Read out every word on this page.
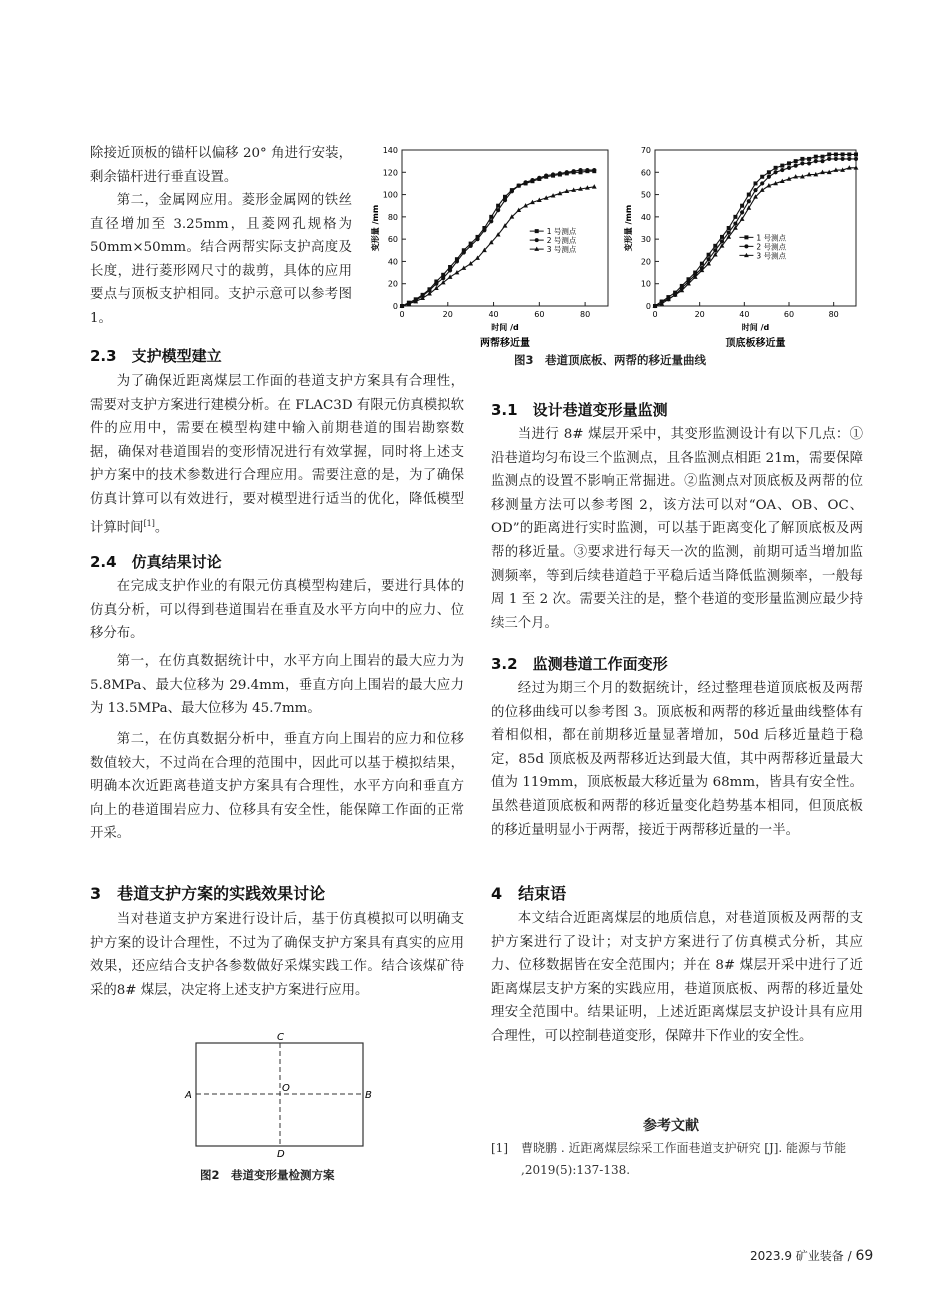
除接近顶板的锚杆以偏移 20° 角进行安装，剩余锚杆进行垂直设置。

第二，金属网应用。菱形金属网的铁丝直径增加至 3.25mm，且菱网孔规格为 50mm×50mm。结合两帮实际支护高度及长度，进行菱形网尺寸的裁剪，具体的应用要点与顶板支护相同。支护示意可以参考图 1。

2.3　支护模型建立

为了确保近距离煤层工作面的巷道支护方案具有合理性，需要对支护方案进行建模分析。在 FLAC3D 有限元仿真模拟软件的应用中，需要在模型构建中输入前期巷道的围岩勘察数据，确保对巷道围岩的变形情况进行有效掌握，同时将上述支护方案中的技术参数进行合理应用。需要注意的是，为了确保仿真计算可以有效进行，要对模型进行适当的优化，降低模型计算时间[1]。

2.4　仿真结果讨论

在完成支护作业的有限元仿真模型构建后，要进行具体的仿真分析，可以得到巷道围岩在垂直及水平方向中的应力、位移分布。

第一，在仿真数据统计中，水平方向上围岩的最大应力为 5.8MPa、最大位移为 29.4mm，垂直方向上围岩的最大应力为 13.5MPa、最大位移为 45.7mm。

第二，在仿真数据分析中，垂直方向上围岩的应力和位移数值较大，不过尚在合理的范围中，因此可以基于模拟结果，明确本次近距离巷道支护方案具有合理性，水平方向和垂直方向上的巷道围岩应力、位移具有安全性，能保障工作面的正常开采。

3　巷道支护方案的实践效果讨论

当对巷道支护方案进行设计后，基于仿真模拟可以明确支护方案的设计合理性，不过为了确保支护方案具有真实的应用效果，还应结合支护各参数做好采煤实践工作。结合该煤矿待采的8# 煤层，决定将上述支护方案进行应用。

C
D
A	B
O
图2　巷道变形量检测方案
0
20
40
60
80
100
120
140
0	20	40	60	80
时间 /d
变形量 /mm
两帮移近量
1 号测点
2 号测点
3 号测点
0
10
20
30
40
50
60
70
0	20	40	60	80
时间 /d
变形量 /mm
顶底板移近量
1 号测点
2 号测点
3 号测点
图3　巷道顶底板、两帮的移近量曲线
3.1　设计巷道变形量监测

当进行 8# 煤层开采中，其变形监测设计有以下几点：①沿巷道均匀布设三个监测点，且各监测点相距 21m，需要保障监测点的设置不影响正常掘进。②监测点对顶底板及两帮的位移测量方法可以参考图 2，该方法可以对“OA、OB、OC、OD”的距离进行实时监测，可以基于距离变化了解顶底板及两帮的移近量。③要求进行每天一次的监测，前期可适当增加监测频率，等到后续巷道趋于平稳后适当降低监测频率，一般每周 1 至 2 次。需要关注的是，整个巷道的变形量监测应最少持续三个月。

3.2　监测巷道工作面变形

经过为期三个月的数据统计，经过整理巷道顶底板及两帮的位移曲线可以参考图 3。顶底板和两帮的移近量曲线整体有着相似相，都在前期移近量显著增加，50d 后移近量趋于稳定，85d 顶底板及两帮移近达到最大值，其中两帮移近量最大值为 119mm，顶底板最大移近量为 68mm，皆具有安全性。虽然巷道顶底板和两帮的移近量变化趋势基本相同，但顶底板的移近量明显小于两帮，接近于两帮移近量的一半。

4　结束语

本文结合近距离煤层的地质信息，对巷道顶板及两帮的支护方案进行了设计；对支护方案进行了仿真模式分析，其应力、位移数据皆在安全范围内；并在 8# 煤层开采中进行了近距离煤层支护方案的实践应用，巷道顶底板、两帮的移近量处理安全范围中。结果证明，上述近距离煤层支护设计具有应用合理性，可以控制巷道变形，保障井下作业的安全性。

参考文献
[1] 曹晓鹏 . 近距离煤层综采工作面巷道支护研究 [J]. 能源与节能 ,2019(5):137-138.
2023.9 矿业装备 / 69
